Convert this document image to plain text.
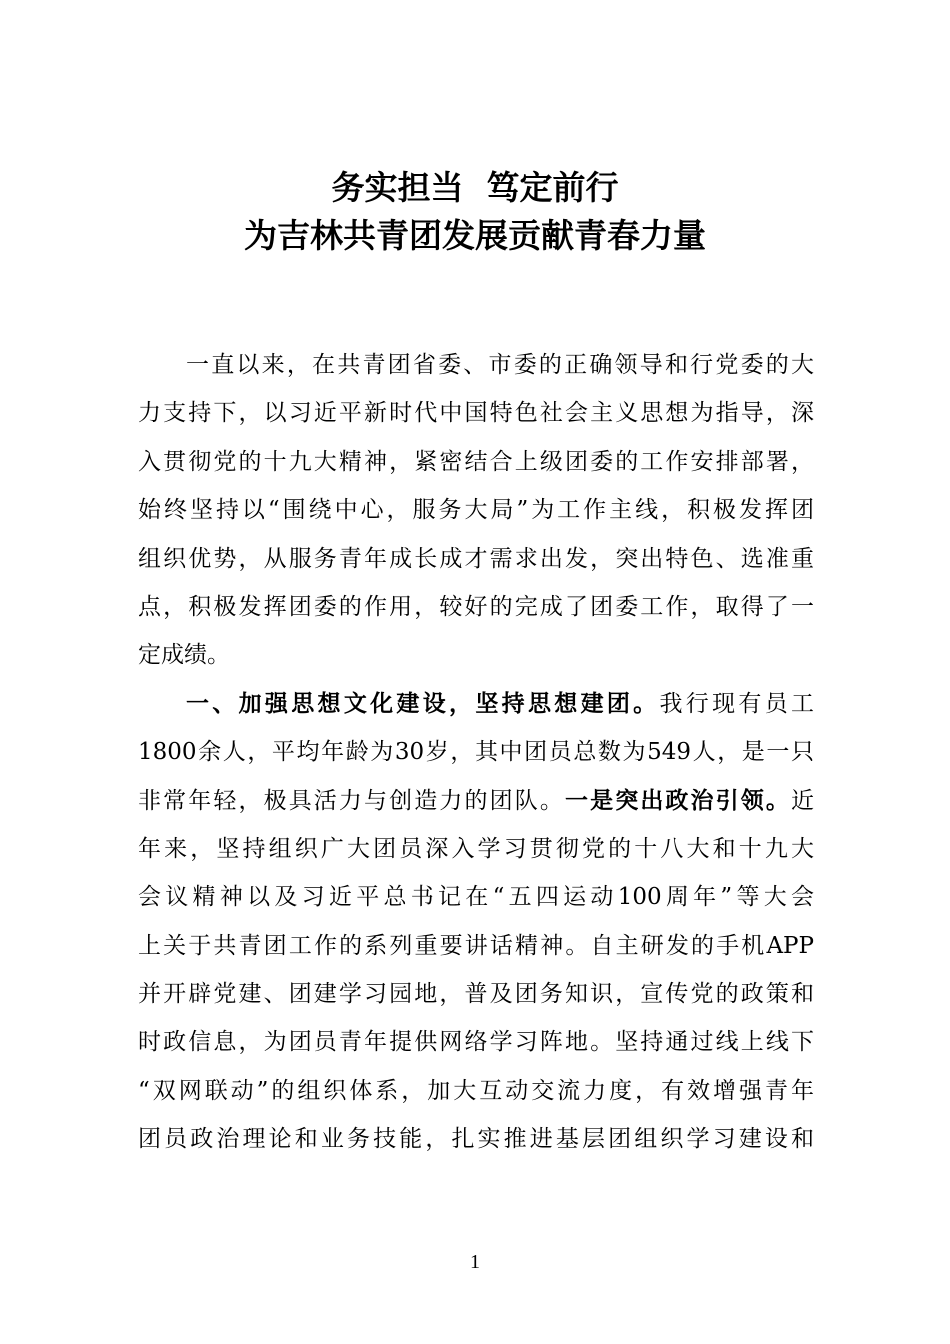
务实担当  笃定前行
为吉林共青团发展贡献青春力量
一直以来，在共青团省委、市委的正确领导和行党委的大
力支持下，以习近平新时代中国特色社会主义思想为指导，深
入贯彻党的十九大精神，紧密结合上级团委的工作安排部署，
始终坚持以“围绕中心，服务大局”为工作主线，积极发挥团
组织优势，从服务青年成长成才需求出发，突出特色、选准重
点，积极发挥团委的作用，较好的完成了团委工作，取得了一
定成绩。
一、加强思想文化建设，坚持思想建团。我行现有员工
1800余人，平均年龄为30岁，其中团员总数为549人，是一只
非常年轻，极具活力与创造力的团队。一是突出政治引领。近
年来，坚持组织广大团员深入学习贯彻党的十八大和十九大
会议精神以及习近平总书记在“五四运动100周年”等大会
上关于共青团工作的系列重要讲话精神。自主研发的手机APP
并开辟党建、团建学习园地，普及团务知识，宣传党的政策和
时政信息，为团员青年提供网络学习阵地。坚持通过线上线下
“双网联动”的组织体系，加大互动交流力度，有效增强青年
团员政治理论和业务技能，扎实推进基层团组织学习建设和
1
